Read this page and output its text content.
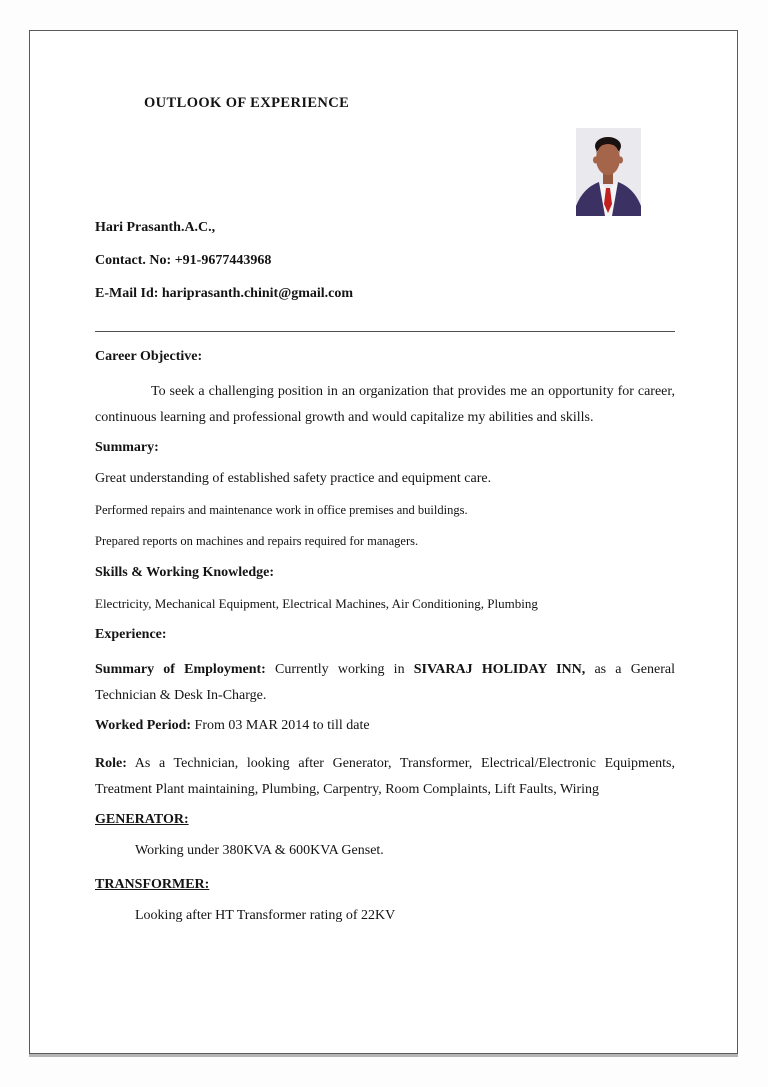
OUTLOOK OF EXPERIENCE

Hari Prasanth.A.C.,

Contact. No: +91-9677443968

E-Mail Id: hariprasanth.chinit@gmail.com

Career Objective:

To seek a challenging position in an organization that provides me an opportunity for career, continuous learning and professional growth and would capitalize my abilities and skills.

Summary:

Great understanding of established safety practice and equipment care.

Performed repairs and maintenance work in office premises and buildings.

Prepared reports on machines and repairs required for managers.

Skills & Working Knowledge:

Electricity, Mechanical Equipment, Electrical Machines, Air Conditioning, Plumbing

Experience:

Summary of Employment: Currently working in SIVARAJ HOLIDAY INN, as a General Technician & Desk In-Charge.

Worked Period: From 03 MAR 2014 to till date

Role: As a Technician, looking after Generator, Transformer, Electrical/Electronic Equipments, Treatment Plant maintaining, Plumbing, Carpentry, Room Complaints, Lift Faults, Wiring

GENERATOR:

Working under 380KVA & 600KVA Genset.

TRANSFORMER:

Looking after HT Transformer rating of 22KV
